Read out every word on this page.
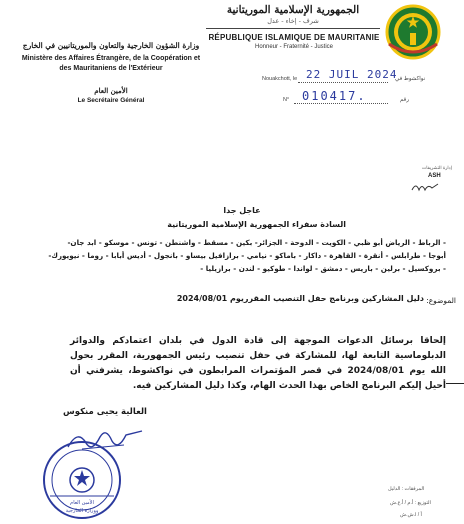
الجمهورية الإسلامية الموريتانية
شرف - إخاء - عدل
RÉPUBLIQUE ISLAMIQUE DE MAURITANIE
Honneur - Fraternité - Justice
وزارة الشؤون الخارجية والتعاون والموريتانيين في الخارج
Ministère des Affaires Étrangère, de la Coopération et
des Mauritaniens de l'Extérieur
الأمين العام
Le Secrétaire Général
Nouakchott, le 22 JUIL 2024
نواكشوط في
N° 010417.	رقم
إدارة التشريفات
ASH
عاجل جدا
السادة سفراء الجمهورية الإسلامية الموريتانية
- الرباط - الرياض أبو ظبي - الكويت - الدوحة - الجزائر- بكين - مسقط - واشنطن - تونس - موسكو - ابد جان-
أبوجا - طرابلس - أنقرة - القاهرة - داكار - باماكو - نيامي - برازافيل بيساو - بانجول - أديس أبابا - روما - نيويورك-
- بروكسيل - برلين - باريس - دمشق - لواندا - طوكيو - لندن - برازيليا -
الموضوع:
دليل المشاركين وبرنامج حفل التنصيب المقرريوم 2024/08/01
إلحاقا برسائل الدعوات الموجهة إلى قادة الدول في بلدان اعتمادكم والدوائر الدبلوماسية التابعة لها، للمشاركة في حفل تنصيب رئيس الجمهورية، المقرر بحول الله يوم 2024/08/01 في قصر المؤتمرات المرابطون في نواكشوط، يشرفني أن أحيل إليكم البرنامج الخاص بهذا الحدث الهام، وكذا دليل المشاركين فيه.
العالية يحيى منكوس
الأمين العام
ووزارة الخارجية
المرفقات : الدليل
التوزيع : أ.م / أ.ع.ش
أ / ا.ش.ش
